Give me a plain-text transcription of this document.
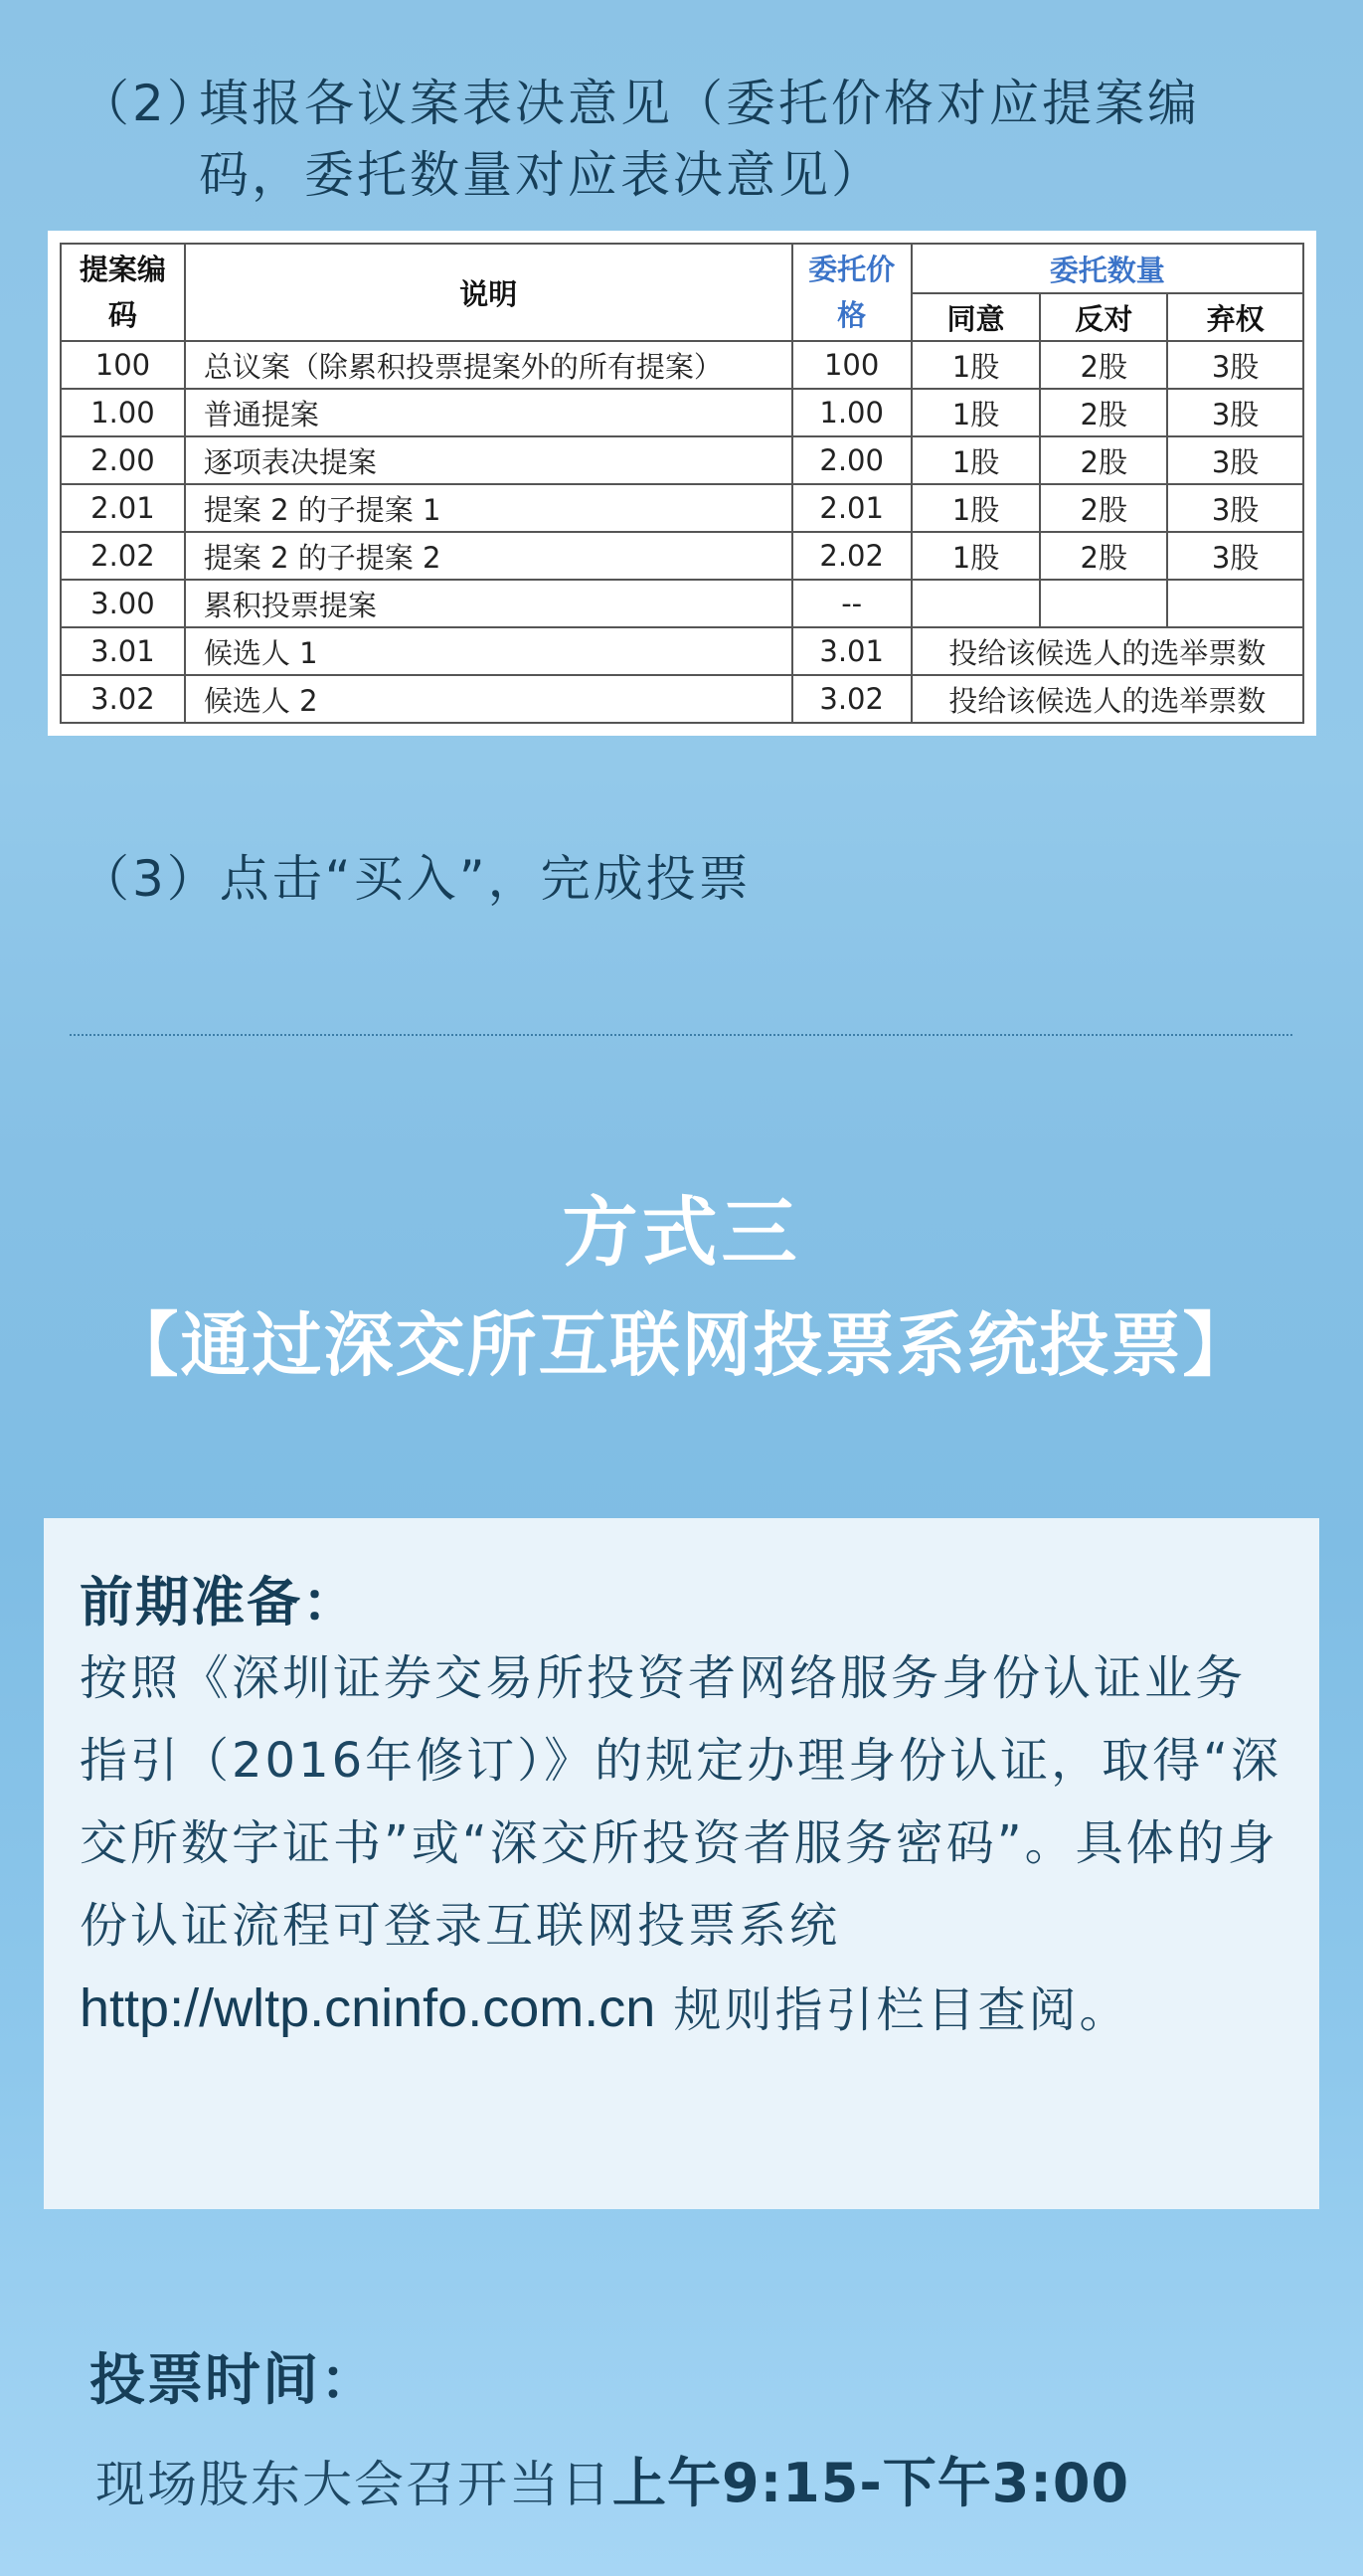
（2）填报各议案表决意见（委托价格对应提案编
码，委托数量对应表决意见）
提案编码	说明	委托价格	委托数量		
			同意	反对	弃权
100	总议案（除累积投票提案外的所有提案）	100	1股	2股	3股
1.00	普通提案	1.00	1股	2股	3股
2.00	逐项表决提案	2.00	1股	2股	3股
2.01	提案 2 的子提案 1	2.01	1股	2股	3股
2.02	提案 2 的子提案 2	2.02	1股	2股	3股
3.00	累积投票提案	--			
3.01	候选人 1	3.01	投给该候选人的选举票数		
3.02	候选人 2	3.02	投给该候选人的选举票数		
（3）点击“买入”，完成投票
方式三
【通过深交所互联网投票系统投票】
前期准备：
按照《深圳证券交易所投资者网络服务身份认证业务指引（2016年修订）》的规定办理身份认证，取得“深交所数字证书”或“深交所投资者服务密码”。具体的身份认证流程可登录互联网投票系统 http://wltp.cninfo.com.cn 规则指引栏目查阅。
投票时间：
现场股东大会召开当日上午9:15-下午3:00
